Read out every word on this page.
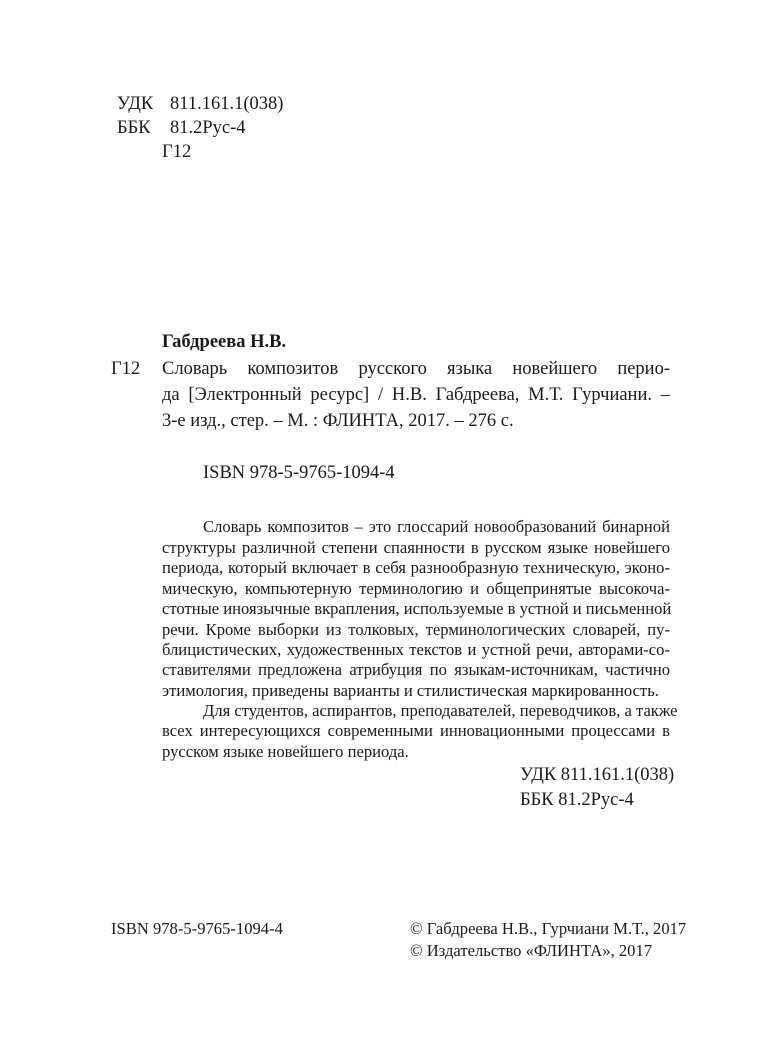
УДК 811.161.1(038)
ББК 81.2Рус-4
Г12
Габдреева Н.В.
Г12 Словарь композитов русского языка новейшего перио-
да [Электронный ресурс] / Н.В. Габдреева, М.Т. Гурчиани. –
3-е изд., стер. – М. : ФЛИНТА, 2017. – 276 с.
ISBN 978-5-9765-1094-4
Словарь композитов – это глоссарий новообразований бинарной
структуры различной степени спаянности в русском языке новейшего
периода, который включает в себя разнообразную техническую, эконо-
мическую, компьютерную терминологию и общепринятые высокоча-
стотные иноязычные вкрапления, используемые в устной и письменной
речи. Кроме выборки из толковых, терминологических словарей, пу-
блицистических, художественных текстов и устной речи, авторами-со-
ставителями предложена атрибуция по языкам-источникам, частично
этимология, приведены варианты и стилистическая маркированность.
Для студентов, аспирантов, преподавателей, переводчиков, а также
всех интересующихся современными инновационными процессами в
русском языке новейшего периода.
УДК 811.161.1(038)
ББК 81.2Рус-4
ISBN 978-5-9765-1094-4	© Габдреева Н.В., Гурчиани М.Т., 2017
© Издательство «ФЛИНТА», 2017
